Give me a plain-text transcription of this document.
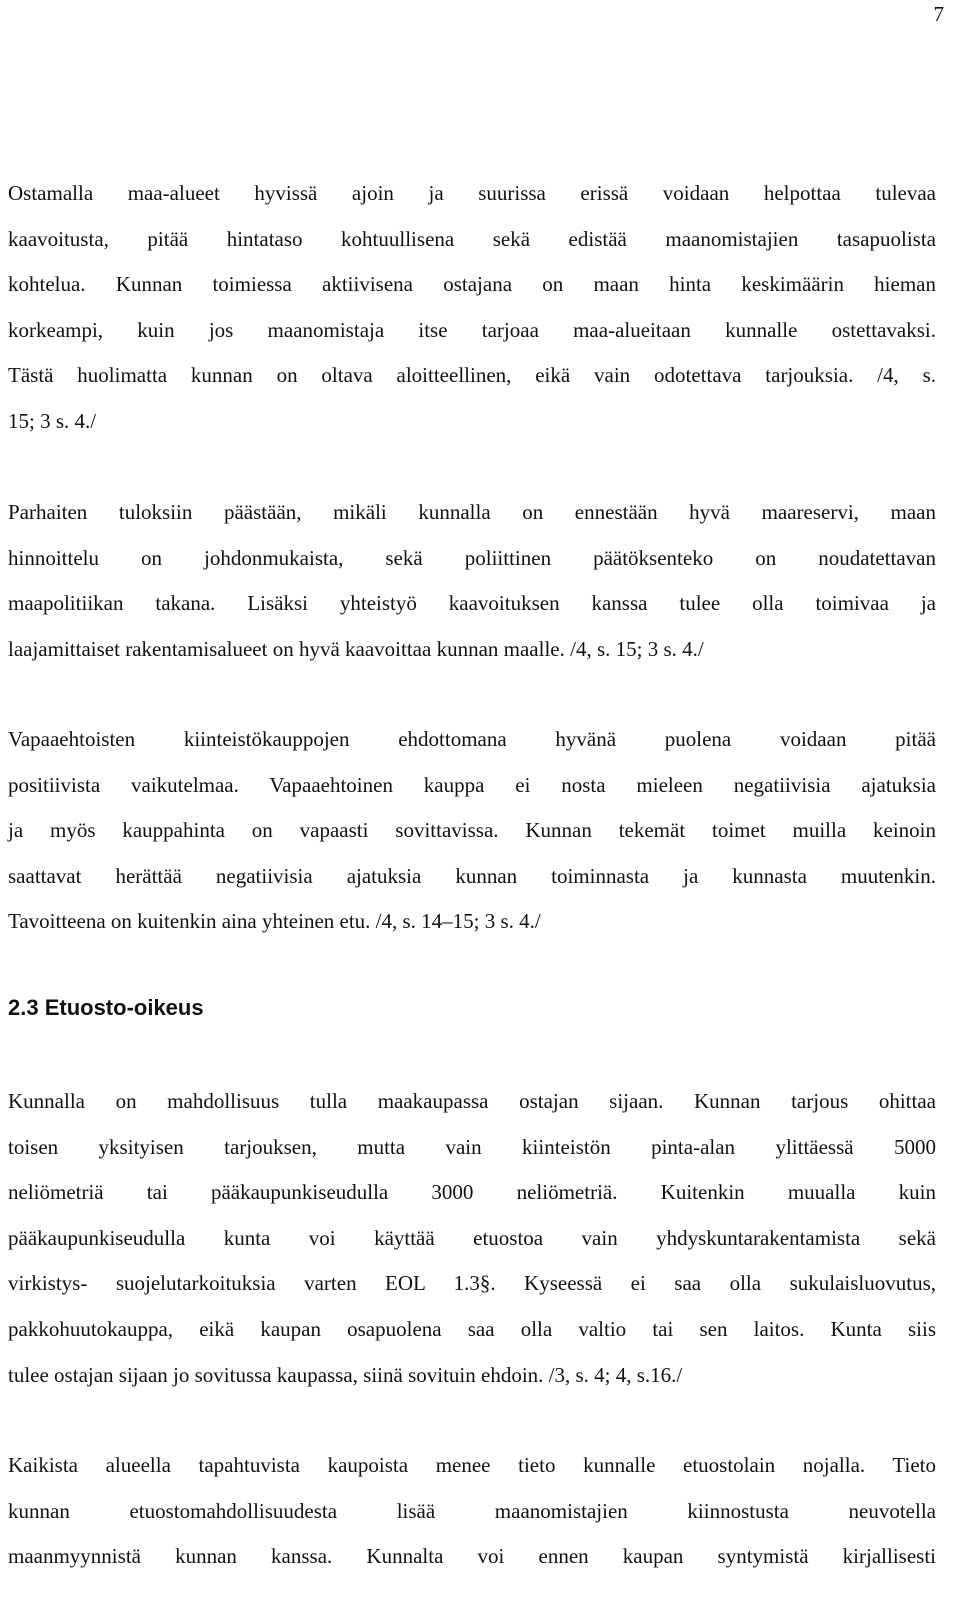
7
Ostamalla maa-alueet hyvissä ajoin ja suurissa erissä voidaan helpottaa tulevaa
kaavoitusta, pitää hintataso kohtuullisena sekä edistää maanomistajien tasapuolista
kohtelua. Kunnan toimiessa aktiivisena ostajana on maan hinta keskimäärin hieman
korkeampi, kuin jos maanomistaja itse tarjoaa maa-alueitaan kunnalle ostettavaksi.
Tästä huolimatta kunnan on oltava aloitteellinen, eikä vain odotettava tarjouksia. /4, s.
15; 3 s. 4./
Parhaiten tuloksiin päästään, mikäli kunnalla on ennestään hyvä maareservi, maan
hinnoittelu on johdonmukaista, sekä poliittinen päätöksenteko on noudatettavan
maapolitiikan takana. Lisäksi yhteistyö kaavoituksen kanssa tulee olla toimivaa ja
laajamittaiset rakentamisalueet on hyvä kaavoittaa kunnan maalle. /4, s. 15; 3 s. 4./
Vapaaehtoisten kiinteistökauppojen ehdottomana hyvänä puolena voidaan pitää
positiivista vaikutelmaa. Vapaaehtoinen kauppa ei nosta mieleen negatiivisia ajatuksia
ja myös kauppahinta on vapaasti sovittavissa. Kunnan tekemät toimet muilla keinoin
saattavat herättää negatiivisia ajatuksia kunnan toiminnasta ja kunnasta muutenkin.
Tavoitteena on kuitenkin aina yhteinen etu. /4, s. 14–15; 3 s. 4./
2.3 Etuosto-oikeus
Kunnalla on mahdollisuus tulla maakaupassa ostajan sijaan. Kunnan tarjous ohittaa
toisen yksityisen tarjouksen, mutta vain kiinteistön pinta-alan ylittäessä 5000
neliömetriä tai pääkaupunkiseudulla 3000 neliömetriä. Kuitenkin muualla kuin
pääkaupunkiseudulla kunta voi käyttää etuostoa vain yhdyskuntarakentamista sekä
virkistys- suojelutarkoituksia varten EOL 1.3§. Kyseessä ei saa olla sukulaisluovutus,
pakkohuutokauppa, eikä kaupan osapuolena saa olla valtio tai sen laitos. Kunta siis
tulee ostajan sijaan jo sovitussa kaupassa, siinä sovituin ehdoin. /3, s. 4; 4, s.16./
Kaikista alueella tapahtuvista kaupoista menee tieto kunnalle etuostolain nojalla. Tieto
kunnan etuostomahdollisuudesta lisää maanomistajien kiinnostusta neuvotella
maanmyynnistä kunnan kanssa. Kunnalta voi ennen kaupan syntymistä kirjallisesti
